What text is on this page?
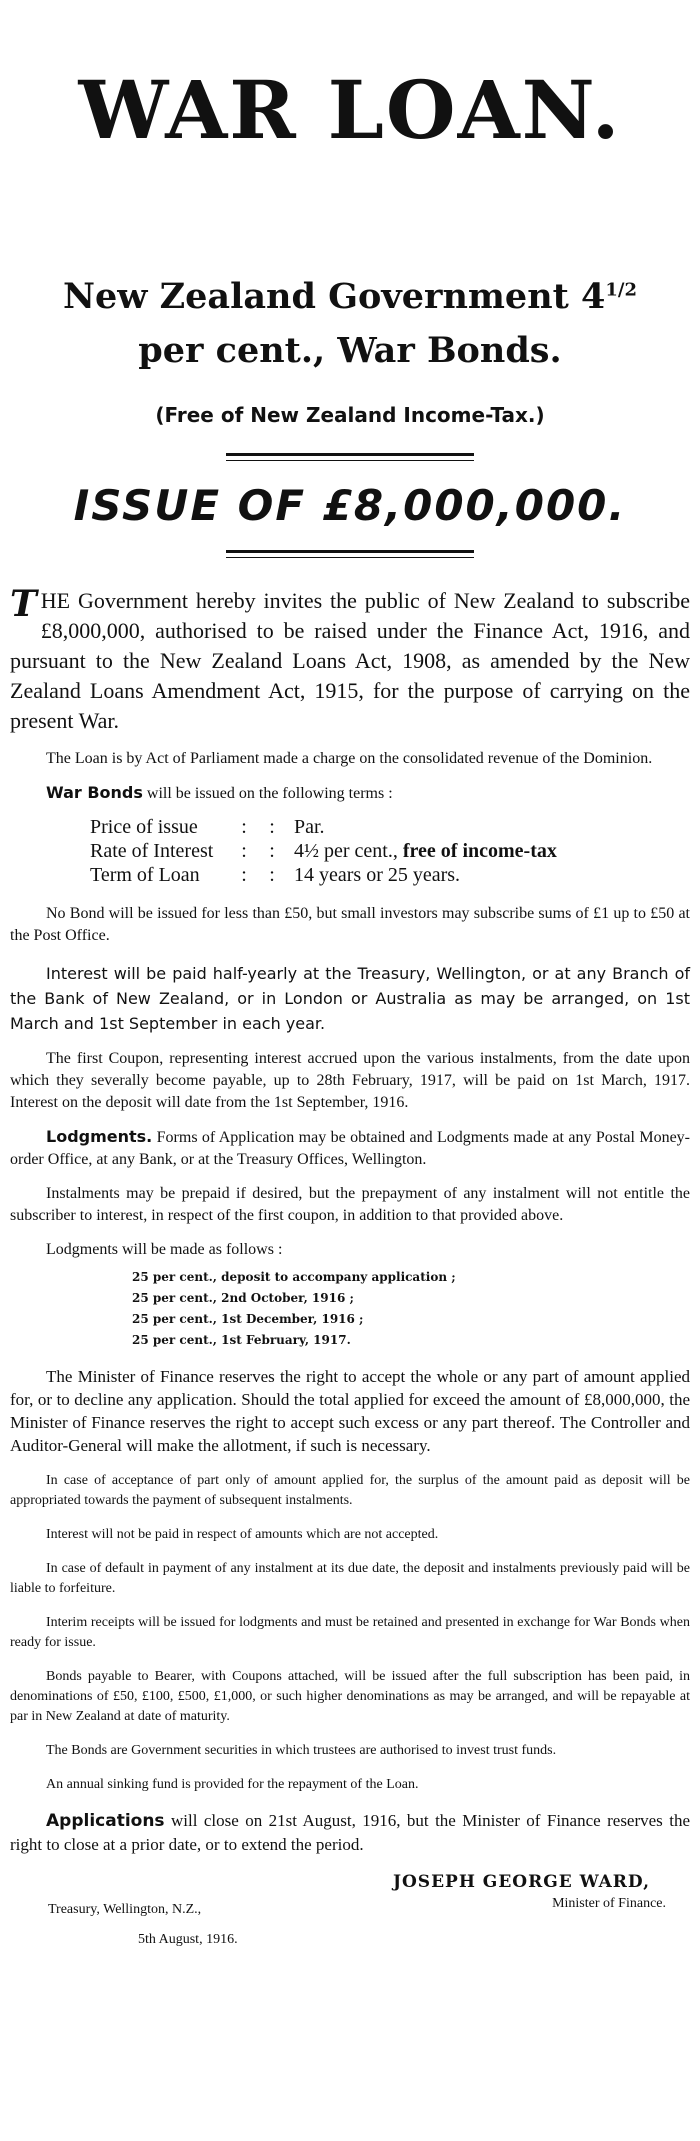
WAR LOAN.
New Zealand Government $4^{1/2}$
per cent., War Bonds.
(Free of New Zealand Income-Tax.)
ISSUE OF £8,000,000.
THE Government hereby invites the public of New Zealand to subscribe £8,000,000, authorised to be raised under the Finance Act, 1916, and pursuant to the New Zealand Loans Act, 1908, as amended by the New Zealand Loans Amendment Act, 1915, for the purpose of carrying on the present War.

The Loan is by Act of Parliament made a charge on the consolidated revenue of the Dominion.

War Bonds will be issued on the following terms :

Price of issue	:	: Par.
Rate of Interest	:	: 4½ per cent., free of income-tax
Term of Loan	:	: 14 years or 25 years.

No Bond will be issued for less than £50, but small investors may subscribe sums of £1 up to £50 at the Post Office.

Interest will be paid half-yearly at the Treasury, Wellington, or at any Branch of the Bank of New Zealand, or in London or Australia as may be arranged, on 1st March and 1st September in each year.

The first Coupon, representing interest accrued upon the various instalments, from the date upon which they severally become payable, up to 28th February, 1917, will be paid on 1st March, 1917. Interest on the deposit will date from the 1st September, 1916.

Lodgments. Forms of Application may be obtained and Lodgments made at any Postal Money-order Office, at any Bank, or at the Treasury Offices, Wellington.

Instalments may be prepaid if desired, but the prepayment of any instalment will not entitle the subscriber to interest, in respect of the first coupon, in addition to that provided above.

Lodgments will be made as follows :

25 per cent., deposit to accompany application ;
25 per cent., 2nd October, 1916 ;
25 per cent., 1st December, 1916 ;
25 per cent., 1st February, 1917.

The Minister of Finance reserves the right to accept the whole or any part of amount applied for, or to decline any application. Should the total applied for exceed the amount of £8,000,000, the Minister of Finance reserves the right to accept such excess or any part thereof. The Controller and Auditor-General will make the allotment, if such is necessary.

In case of acceptance of part only of amount applied for, the surplus of the amount paid as deposit will be appropriated towards the payment of subsequent instalments.

Interest will not be paid in respect of amounts which are not accepted.

In case of default in payment of any instalment at its due date, the deposit and instalments previously paid will be liable to forfeiture.

Interim receipts will be issued for lodgments and must be retained and presented in exchange for War Bonds when ready for issue.

Bonds payable to Bearer, with Coupons attached, will be issued after the full subscription has been paid, in denominations of £50, £100, £500, £1,000, or such higher denominations as may be arranged, and will be repayable at par in New Zealand at date of maturity.

The Bonds are Government securities in which trustees are authorised to invest trust funds.

An annual sinking fund is provided for the repayment of the Loan.

Applications will close on 21st August, 1916, but the Minister of Finance reserves the right to close at a prior date, or to extend the period.

JOSEPH GEORGE WARD,
Treasury, Wellington, N.Z.,	Minister of Finance.
5th August, 1916.
